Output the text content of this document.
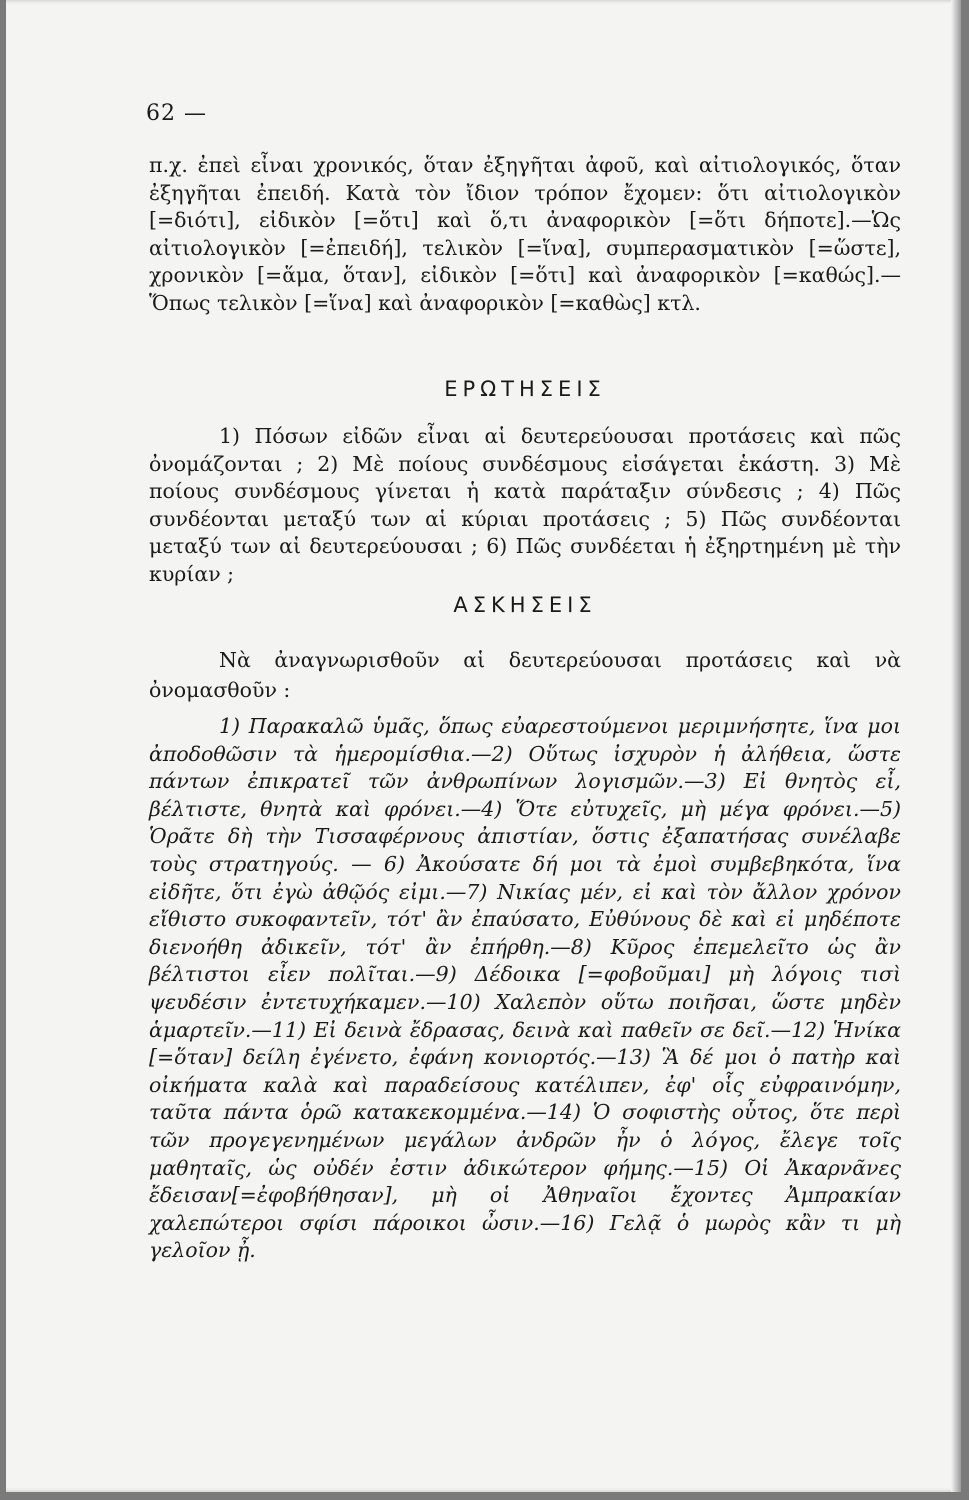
62 —

π.χ. ἐπεὶ εἶναι χρονικός, ὅταν ἐξηγῆται ἀφοῦ, καὶ αἰτιολογικός, ὅταν ἐξηγῆται ἐπειδή. Κατὰ τὸν ἴδιον τρόπον ἔχομεν: ὅτι αἰτιολογικὸν [=διότι], εἰδικὸν [=ὅτι] καὶ ὅ,τι ἀναφορικὸν [=ὅτι δήποτε].—Ὡς αἰτιολογικὸν [=ἐπειδή], τελικὸν [=ἵνα], συμπερασματικὸν [=ὥστε], χρονικὸν [=ἅμα, ὅταν], εἰδικὸν [=ὅτι] καὶ ἀναφορικὸν [=καθώς].—Ὅπως τελικὸν [=ἵνα] καὶ ἀναφορικὸν [=καθὼς] κτλ.

ΕΡΩΤΗΣΕΙΣ

1) Πόσων εἰδῶν εἶναι αἱ δευτερεύουσαι προτάσεις καὶ πῶς ὀνομάζονται ; 2) Μὲ ποίους συνδέσμους εἰσάγεται ἑκάστη. 3) Μὲ ποίους συνδέσμους γίνεται ἡ κατὰ παράταξιν σύνδεσις ; 4) Πῶς συνδέονται μεταξύ των αἱ κύριαι προτάσεις ; 5) Πῶς συνδέονται μεταξύ των αἱ δευτερεύουσαι ; 6) Πῶς συνδέεται ἡ ἐξηρτημένη μὲ τὴν κυρίαν ;

ΑΣΚΗΣΕΙΣ

Νὰ ἀναγνωρισθοῦν αἱ δευτερεύουσαι προτάσεις καὶ νὰ ὀνομασθοῦν :

1) Παρακαλῶ ὑμᾶς, ὅπως εὐαρεστούμενοι μεριμνήσητε, ἵνα μοι ἀποδοθῶσιν τὰ ἡμερομίσθια.—2) Οὕτως ἰσχυρὸν ἡ ἀλήθεια, ὥστε πάντων ἐπικρατεῖ τῶν ἀνθρωπίνων λογισμῶν.—3) Εἰ θνητὸς εἶ, βέλτιστε, θνητὰ καὶ φρόνει.—4) Ὅτε εὐτυχεῖς, μὴ μέγα φρόνει.—5) Ὁρᾶτε δὴ τὴν Τισσαφέρνους ἀπιστίαν, ὅστις ἐξαπατήσας συνέλαβε τοὺς στρατηγούς. — 6) Ἀκούσατε δή μοι τὰ ἐμοὶ συμβεβηκότα, ἵνα εἰδῆτε, ὅτι ἐγὼ ἀθῷός εἰμι.—7) Νικίας μέν, εἰ καὶ τὸν ἄλλον χρόνον εἴθιστο συκοφαντεῖν, τότ' ἂν ἐπαύσατο, Εὐθύνους δὲ καὶ εἰ μηδέποτε διενοήθη ἀδικεῖν, τότ' ἂν ἐπήρθη.—8) Κῦρος ἐπεμελεῖτο ὡς ἂν βέλτιστοι εἶεν πολῖται.—9) Δέδοικα [=φοβοῦμαι] μὴ λόγοις τισὶ ψευδέσιν ἐντετυχήκαμεν.—10) Χαλεπὸν οὕτω ποιῆσαι, ὥστε μηδὲν ἁμαρτεῖν.—11) Εἰ δεινὰ ἔδρασας, δεινὰ καὶ παθεῖν σε δεῖ.—12) Ἡνίκα [=ὅταν] δείλη ἐγένετο, ἐφάνη κονιορτός.—13) Ἃ δέ μοι ὁ πατὴρ καὶ οἰκήματα καλὰ καὶ παραδείσους κατέλιπεν, ἐφ' οἷς εὐφραινόμην, ταῦτα πάντα ὁρῶ κατακεκομμένα.—14) Ὁ σοφιστὴς οὗτος, ὅτε περὶ τῶν προγεγενημένων μεγάλων ἀνδρῶν ἦν ὁ λόγος, ἔλεγε τοῖς μαθηταῖς, ὡς οὐδέν ἐστιν ἀδικώτερον φήμης.—15) Οἱ Ἀκαρνᾶνες ἔδεισαν[=ἐφοβήθησαν], μὴ οἱ Ἀθηναῖοι ἔχοντες Ἀμπρακίαν χαλεπώτεροι σφίσι πάροικοι ὦσιν.—16) Γελᾷ ὁ μωρὸς κἂν τι μὴ γελοῖον ᾖ.
